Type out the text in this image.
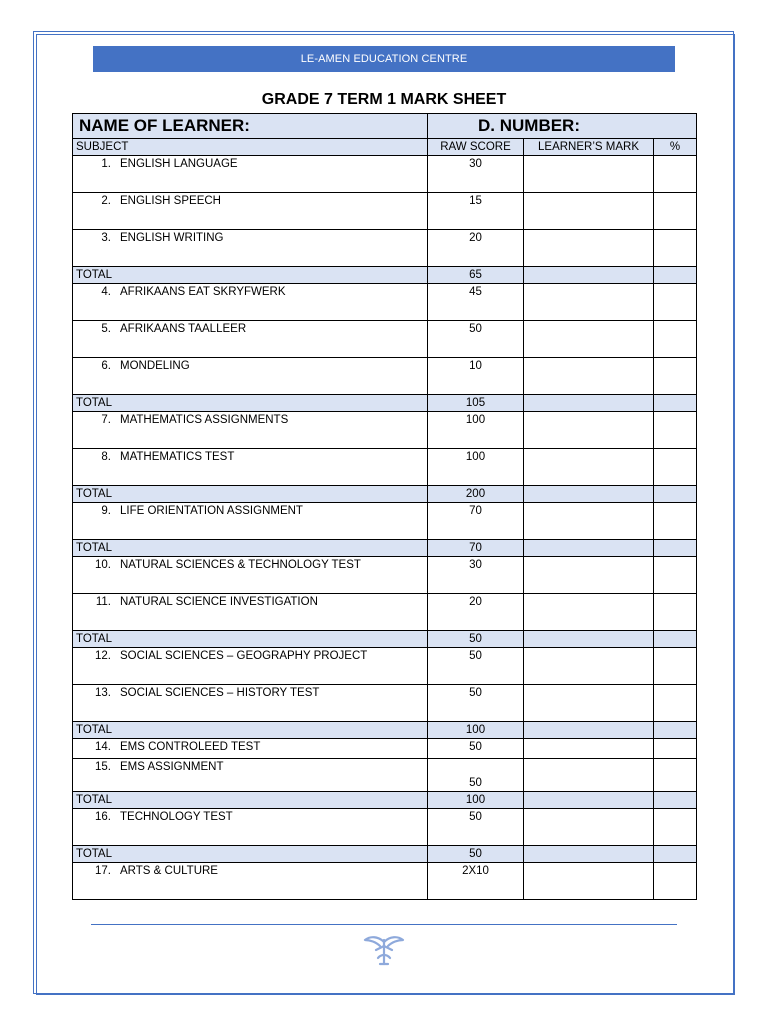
LE-AMEN EDUCATION CENTRE
GRADE 7 TERM 1 MARK SHEET
NAME OF LEARNER:	D. NUMBER:		
SUBJECT	RAW SCORE	LEARNER’S MARK	%
1. ENGLISH LANGUAGE	30		
2. ENGLISH SPEECH	15		
3. ENGLISH WRITING	20		
TOTAL	65		
4. AFRIKAANS EAT SKRYFWERK	45		
5. AFRIKAANS TAALLEER	50		
6. MONDELING	10		
TOTAL	105		
7. MATHEMATICS ASSIGNMENTS	100		
8. MATHEMATICS TEST	100		
TOTAL	200		
9. LIFE ORIENTATION ASSIGNMENT	70		
TOTAL	70		
10. NATURAL SCIENCES & TECHNOLOGY TEST	30		
11. NATURAL SCIENCE INVESTIGATION	20		
TOTAL	50		
12. SOCIAL SCIENCES – GEOGRAPHY PROJECT	50		
13. SOCIAL SCIENCES – HISTORY TEST	50		
TOTAL	100		
14. EMS CONTROLEED TEST	50		
15. EMS ASSIGNMENT	50		
TOTAL	100		
16. TECHNOLOGY TEST	50		
TOTAL	50		
17. ARTS & CULTURE	2X10		
